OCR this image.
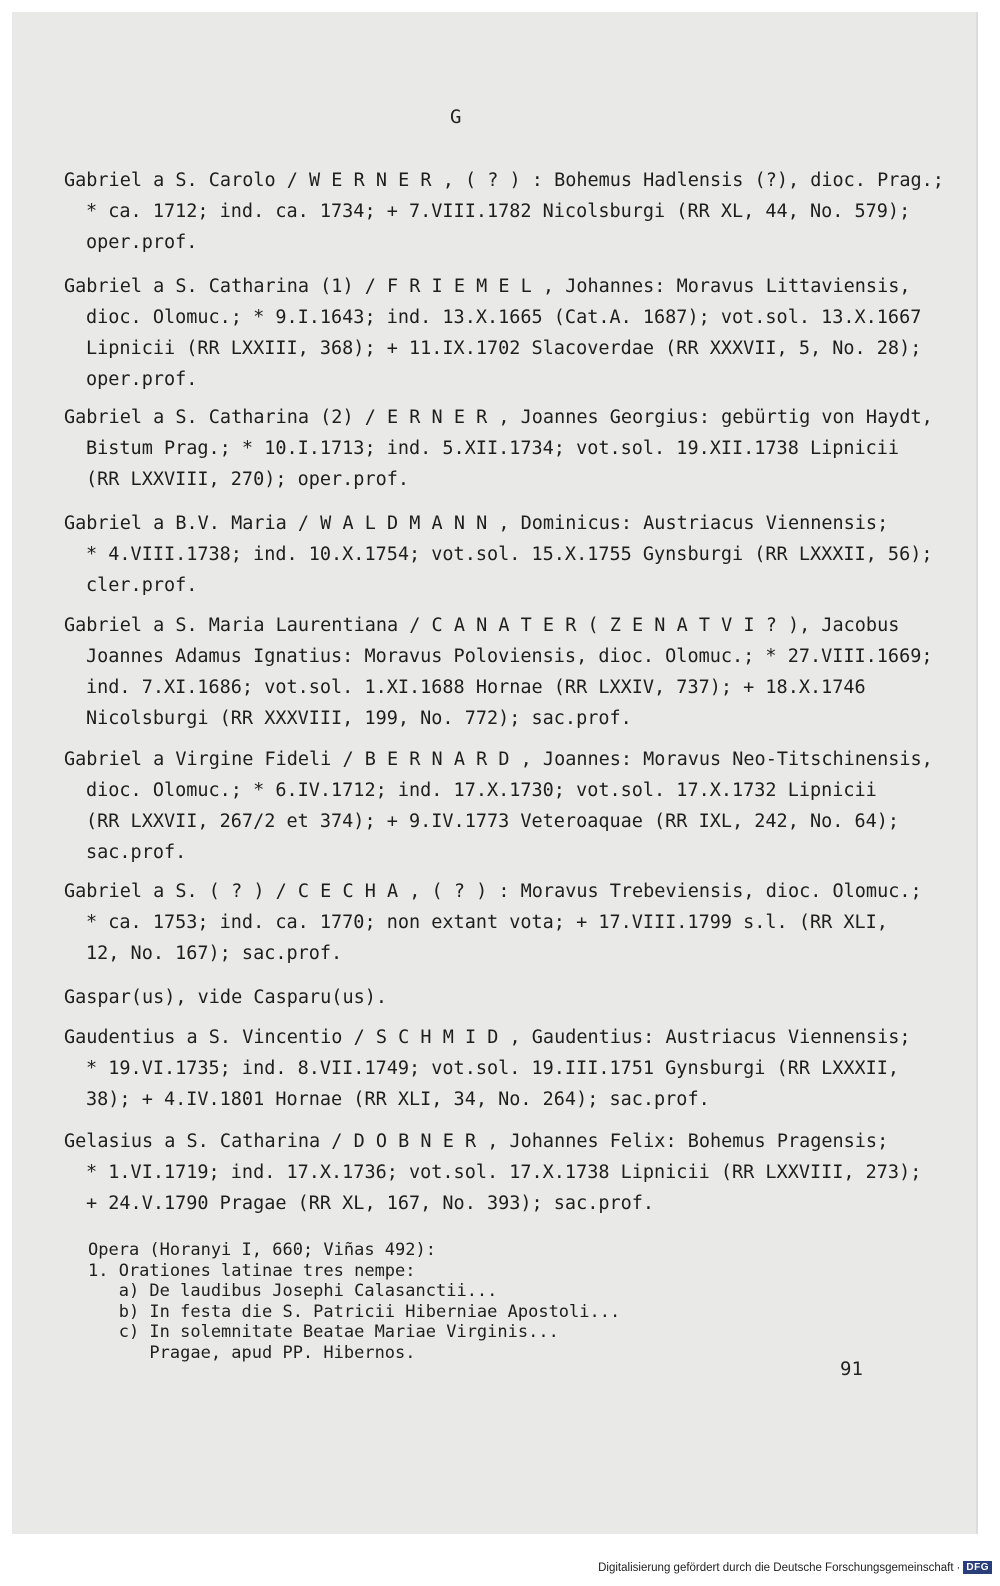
G
Gabriel a S. Carolo / W E R N E R , ( ? ) : Bohemus Hadlensis (?), dioc. Prag.;
* ca. 1712; ind. ca. 1734; + 7.VIII.1782 Nicolsburgi (RR XL, 44, No. 579);
oper.prof.
Gabriel a S. Catharina (1) / F R I E M E L , Johannes: Moravus Littaviensis,
dioc. Olomuc.; * 9.I.1643; ind. 13.X.1665 (Cat.A. 1687); vot.sol. 13.X.1667
Lipnicii (RR LXXIII, 368); + 11.IX.1702 Slacoverdae (RR XXXVII, 5, No. 28);
oper.prof.
Gabriel a S. Catharina (2) / E R N E R , Joannes Georgius: gebürtig von Haydt,
Bistum Prag.; * 10.I.1713; ind. 5.XII.1734; vot.sol. 19.XII.1738 Lipnicii
(RR LXXVIII, 270); oper.prof.
Gabriel a B.V. Maria / W A L D M A N N , Dominicus: Austriacus Viennensis;
* 4.VIII.1738; ind. 10.X.1754; vot.sol. 15.X.1755 Gynsburgi (RR LXXXII, 56);
cler.prof.
Gabriel a S. Maria Laurentiana / C A N A T E R ( Z E N A T V I ? ), Jacobus
Joannes Adamus Ignatius: Moravus Poloviensis, dioc. Olomuc.; * 27.VIII.1669;
ind. 7.XI.1686; vot.sol. 1.XI.1688 Hornae (RR LXXIV, 737); + 18.X.1746
Nicolsburgi (RR XXXVIII, 199, No. 772); sac.prof.
Gabriel a Virgine Fideli / B E R N A R D , Joannes: Moravus Neo-Titschinensis,
dioc. Olomuc.; * 6.IV.1712; ind. 17.X.1730; vot.sol. 17.X.1732 Lipnicii
(RR LXXVII, 267/2 et 374); + 9.IV.1773 Veteroaquae (RR IXL, 242, No. 64);
sac.prof.
Gabriel a S. ( ? ) / C E C H A , ( ? ) : Moravus Trebeviensis, dioc. Olomuc.;
* ca. 1753; ind. ca. 1770; non extant vota; + 17.VIII.1799 s.l. (RR XLI,
12, No. 167); sac.prof.
Gaspar(us), vide Casparu(us).
Gaudentius a S. Vincentio / S C H M I D , Gaudentius: Austriacus Viennensis;
* 19.VI.1735; ind. 8.VII.1749; vot.sol. 19.III.1751 Gynsburgi (RR LXXXII,
38); + 4.IV.1801 Hornae (RR XLI, 34, No. 264); sac.prof.
Gelasius a S. Catharina / D O B N E R , Johannes Felix: Bohemus Pragensis;
* 1.VI.1719; ind. 17.X.1736; vot.sol. 17.X.1738 Lipnicii (RR LXXVIII, 273);
+ 24.V.1790 Pragae (RR XL, 167, No. 393); sac.prof.
Opera (Horanyi I, 660; Viñas 492):
1. Orationes latinae tres nempe:
a) De laudibus Josephi Calasanctii...
b) In festa die S. Patricii Hiberniae Apostoli...
c) In solemnitate Beatae Mariae Virginis...
Pragae, apud PP. Hibernos.
91
Digitalisierung gefördert durch die Deutsche Forschungsgemeinschaft · DFG
